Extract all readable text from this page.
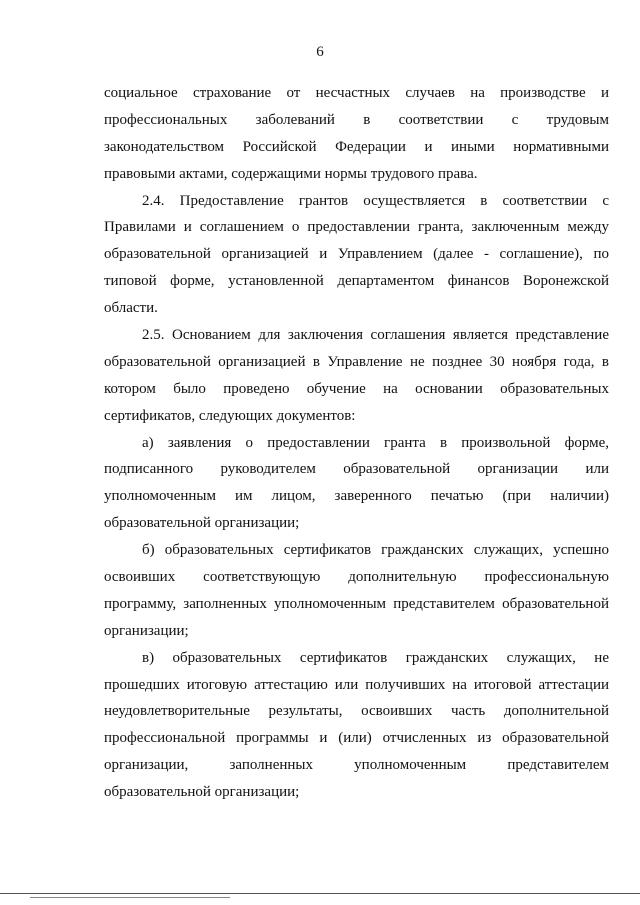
6

социальное страхование от несчастных случаев на производстве и
профессиональных заболеваний в соответствии с трудовым
законодательством Российской Федерации и иными нормативными
правовыми актами, содержащими нормы трудового права.

2.4. Предоставление грантов осуществляется в соответствии с
Правилами и соглашением о предоставлении гранта, заключенным между
образовательной организацией и Управлением (далее - соглашение), по
типовой форме, установленной департаментом финансов Воронежской
области.

2.5. Основанием для заключения соглашения является представление
образовательной организацией в Управление не позднее 30 ноября года, в
котором было проведено обучение на основании образовательных
сертификатов, следующих документов:

а) заявления о предоставлении гранта в произвольной форме,
подписанного руководителем образовательной организации или
уполномоченным им лицом, заверенного печатью (при наличии)
образовательной организации;

б) образовательных сертификатов гражданских служащих, успешно
освоивших соответствующую дополнительную профессиональную
программу, заполненных уполномоченным представителем образовательной
организации;

в) образовательных сертификатов гражданских служащих, не
прошедших итоговую аттестацию или получивших на итоговой аттестации
неудовлетворительные результаты, освоивших часть дополнительной
профессиональной программы и (или) отчисленных из образовательной
организации, заполненных уполномоченным представителем
образовательной организации;
